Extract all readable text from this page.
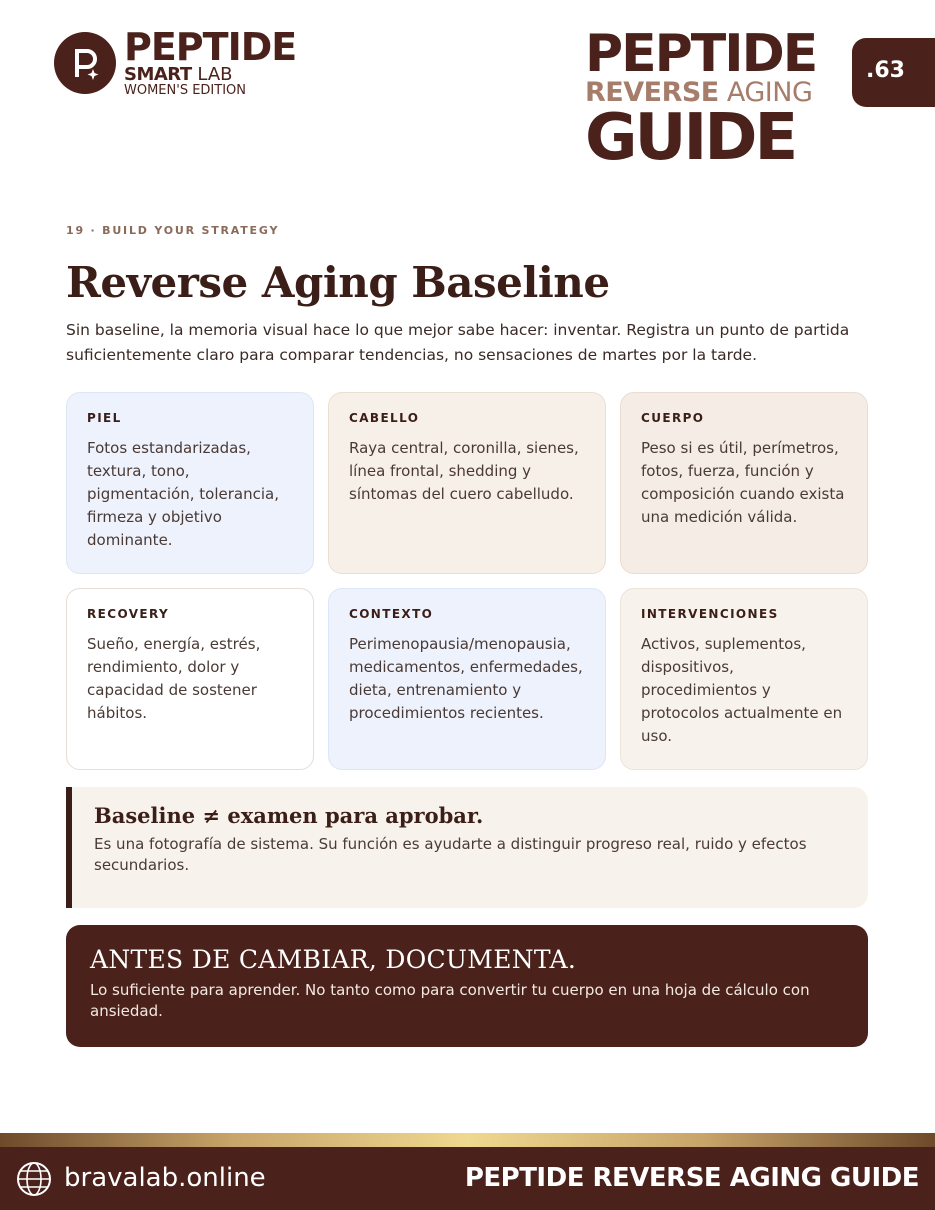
PEPTIDE
SMART LAB
WOMEN'S EDITION
PEPTIDE
REVERSE AGING
GUIDE
.63
19 · BUILD YOUR STRATEGY
Reverse Aging Baseline

Sin baseline, la memoria visual hace lo que mejor sabe hacer: inventar. Registra un punto de partida suficientemente claro para comparar tendencias, no sensaciones de martes por la tarde.

PIEL
Fotos estandarizadas, textura, tono, pigmentación, tolerancia, firmeza y objetivo dominante.
CABELLO
Raya central, coronilla, sienes, línea frontal, shedding y síntomas del cuero cabelludo.
CUERPO
Peso si es útil, perímetros, fotos, fuerza, función y composición cuando exista una medición válida.
RECOVERY
Sueño, energía, estrés, rendimiento, dolor y capacidad de sostener hábitos.
CONTEXTO
Perimenopausia/menopausia, medicamentos, enfermedades, dieta, entrenamiento y procedimientos recientes.
INTERVENCIONES
Activos, suplementos, dispositivos, procedimientos y protocolos actualmente en uso.
Baseline ≠ examen para aprobar.
Es una fotografía de sistema. Su función es ayudarte a distinguir progreso real, ruido y efectos secundarios.
ANTES DE CAMBIAR, DOCUMENTA.
Lo suficiente para aprender. No tanto como para convertir tu cuerpo en una hoja de cálculo con ansiedad.
bravalab.online	PEPTIDE REVERSE AGING GUIDE
